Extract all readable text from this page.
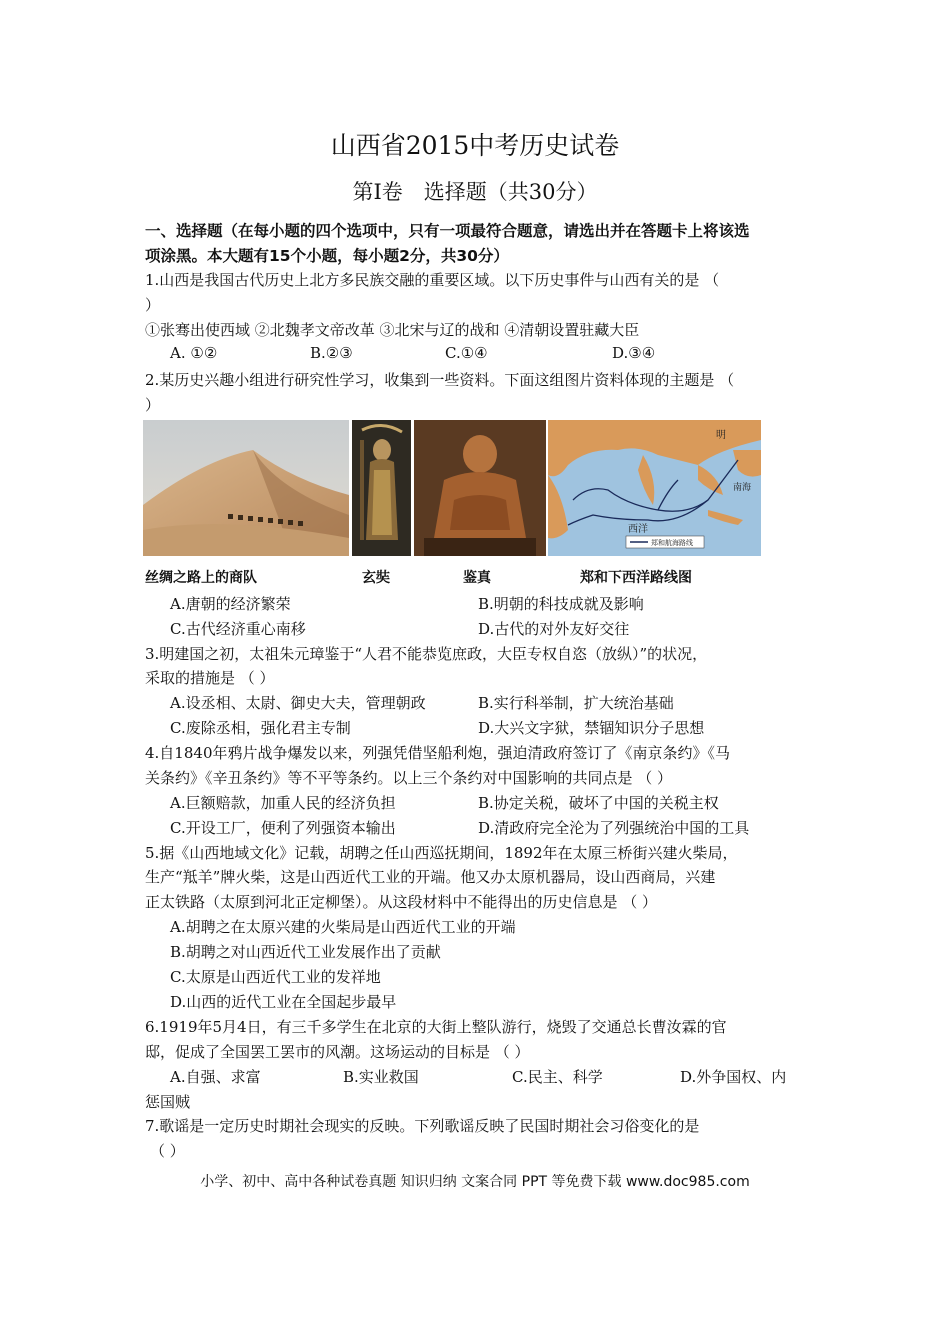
山西省2015中考历史试卷
第Ⅰ卷　选择题（共30分）
一、选择题（在每小题的四个选项中，只有一项最符合题意，请选出并在答题卡上将该选
项涂黑。本大题有15个小题，每小题2分，共30分）
1.山西是我国古代历史上北方多民族交融的重要区域。以下历史事件与山西有关的是 （
）
①张骞出使西域 ②北魏孝文帝改革 ③北宋与辽的战和 ④清朝设置驻藏大臣
A. ①②	B.②③	C.①④	D.③④
2.某历史兴趣小组进行研究性学习，收集到一些资料。下面这组图片资料体现的主题是 （
）
明
南海
西洋
郑和航海路线
丝绸之路上的商队	玄奘	鉴真	郑和下西洋路线图
A.唐朝的经济繁荣	B.明朝的科技成就及影响
C.古代经济重心南移	D.古代的对外友好交往
3.明建国之初，太祖朱元璋鉴于“人君不能恭览庶政，大臣专权自恣（放纵）”的状况，
采取的措施是 （ ）
A.设丞相、太尉、御史大夫，管理朝政	B.实行科举制，扩大统治基础
C.废除丞相，强化君主专制	D.大兴文字狱，禁锢知识分子思想
4.自1840年鸦片战争爆发以来，列强凭借坚船利炮，强迫清政府签订了《南京条约》《马
关条约》《辛丑条约》等不平等条约。以上三个条约对中国影响的共同点是 （ ）
A.巨额赔款，加重人民的经济负担	B.协定关税，破坏了中国的关税主权
C.开设工厂，便利了列强资本输出	D.清政府完全沦为了列强统治中国的工具
5.据《山西地域文化》记载，胡聘之任山西巡抚期间，1892年在太原三桥街兴建火柴局，
生产“羝羊”牌火柴，这是山西近代工业的开端。他又办太原机器局，设山西商局，兴建
正太铁路（太原到河北正定柳堡）。从这段材料中不能得出的历史信息是 （ ）
A.胡聘之在太原兴建的火柴局是山西近代工业的开端
B.胡聘之对山西近代工业发展作出了贡献
C.太原是山西近代工业的发祥地
D.山西的近代工业在全国起步最早
6.1919年5月4日，有三千多学生在北京的大街上整队游行，烧毁了交通总长曹汝霖的官
邸，促成了全国罢工罢市的风潮。这场运动的目标是 （ ）
A.自强、求富	B.实业救国	C.民主、科学	D.外争国权、内
惩国贼
7.歌谣是一定历史时期社会现实的反映。下列歌谣反映了民国时期社会习俗变化的是
（ ）
小学、初中、高中各种试卷真题 知识归纳 文案合同 PPT 等免费下载 www.doc985.com
